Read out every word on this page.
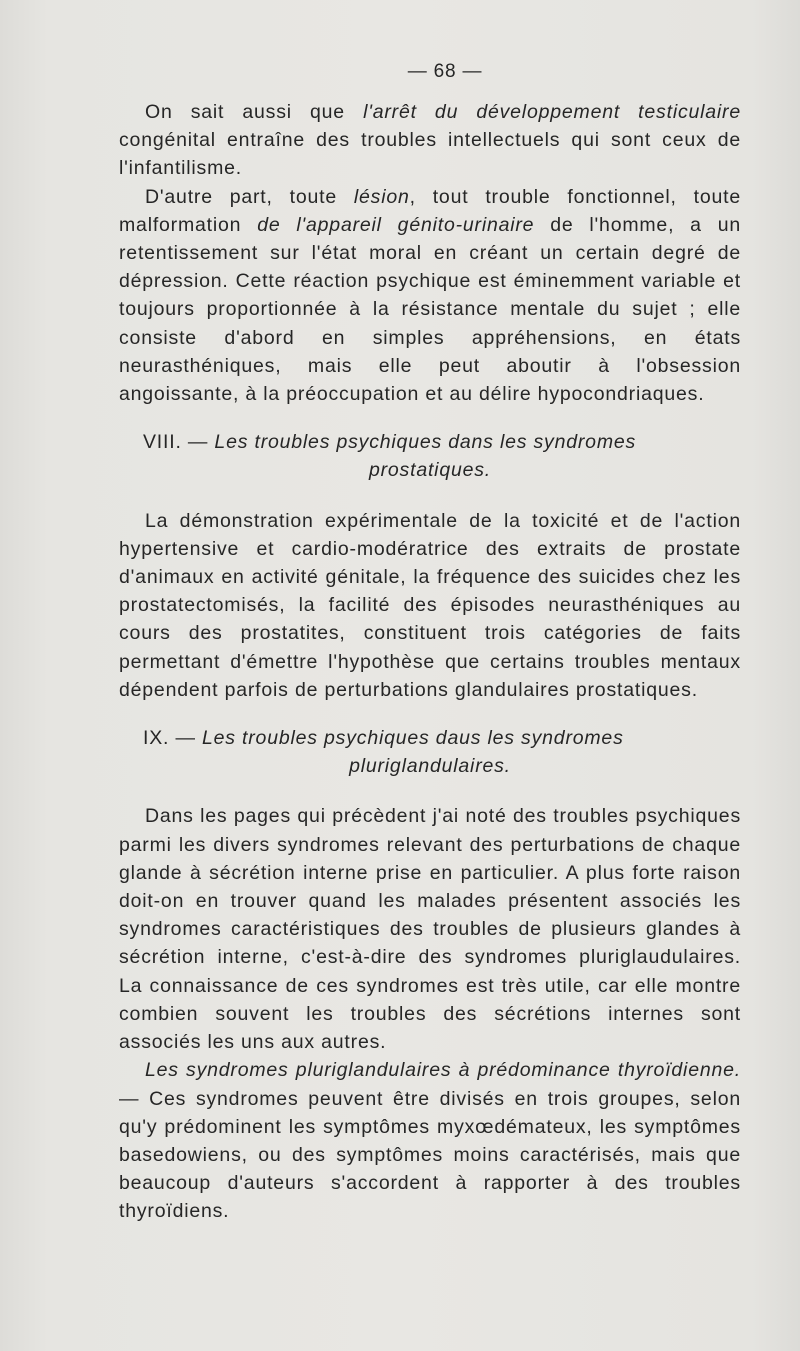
— 68 —

On sait aussi que l'arrêt du développement testiculaire congénital entraîne des troubles intellectuels qui sont ceux de l'infantilisme.

D'autre part, toute lésion, tout trouble fonctionnel, toute malformation de l'appareil génito-urinaire de l'homme, a un retentissement sur l'état moral en créant un certain degré de dépression. Cette réaction psychique est éminemment variable et toujours proportionnée à la résistance mentale du sujet ; elle consiste d'abord en simples appréhensions, en états neurasthéniques, mais elle peut aboutir à l'obsession angoissante, à la préoccupation et au délire hypocondriaques.

VIII. — Les troubles psychiques dans les syndromes
prostatiques.

La démonstration expérimentale de la toxicité et de l'action hypertensive et cardio-modératrice des extraits de prostate d'animaux en activité génitale, la fréquence des suicides chez les prostatectomisés, la facilité des épisodes neurasthéniques au cours des prostatites, constituent trois catégories de faits permettant d'émettre l'hypothèse que certains troubles mentaux dépendent parfois de perturbations glandulaires prostatiques.

IX. — Les troubles psychiques daus les syndromes
pluriglandulaires.

Dans les pages qui précèdent j'ai noté des troubles psychiques parmi les divers syndromes relevant des perturbations de chaque glande à sécrétion interne prise en particulier. A plus forte raison doit-on en trouver quand les malades présentent associés les syndromes caractéristiques des troubles de plusieurs glandes à sécrétion interne, c'est-à-dire des syndromes pluriglaudulaires. La connaissance de ces syndromes est très utile, car elle montre combien souvent les troubles des sécrétions internes sont associés les uns aux autres.

Les syndromes pluriglandulaires à prédominance thyroïdienne. — Ces syndromes peuvent être divisés en trois groupes, selon qu'y prédominent les symptômes myxœdémateux, les symptômes basedowiens, ou des symptômes moins caractérisés, mais que beaucoup d'auteurs s'accordent à rapporter à des troubles thyroïdiens.
